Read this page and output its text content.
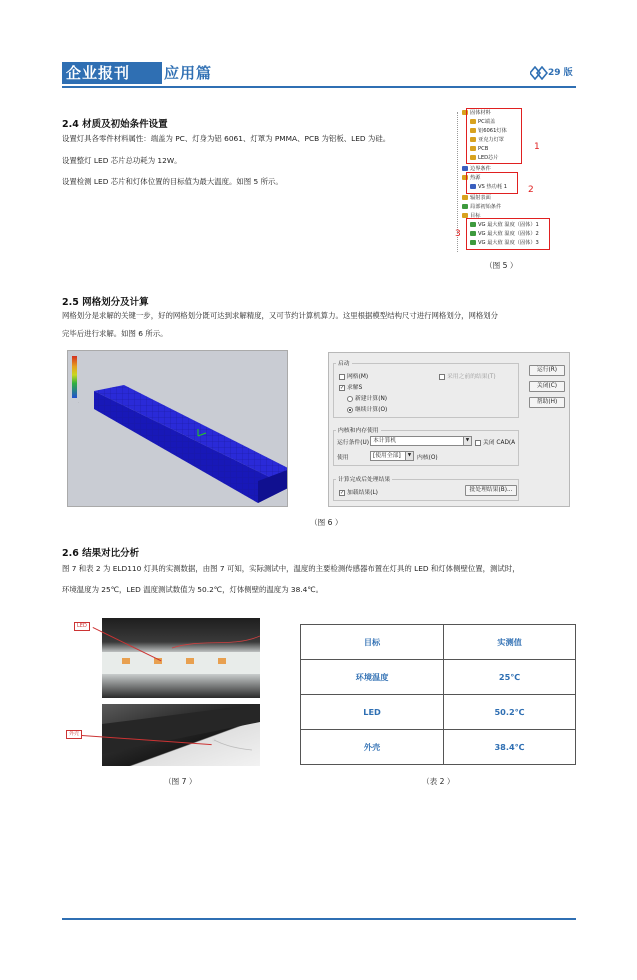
企业报刊 应用篇	29 版
2.4 材质及初始条件设置
设置灯具各零件材料属性：端盖为 PC、灯身为铝 6061、灯罩为 PMMA、PCB 为铝板、LED 为硅。
设置整灯 LED 芯片总功耗为 12W。
设置检测 LED 芯片和灯体位置的目标值为最大温度。如图 5 所示。
固体材料
PC端盖
铝6061灯体
亚克力灯罩
PCB
LED芯片
边界条件
热源
VS 热功耗 1
辐射表面
局部初始条件
目标
VG 最大值 温度（固体）1
VG 最大值 温度（固体）2
VG 最大值 温度（固体）3
1
2
3
（图 5 ）
2.5 网格划分及计算
网格划分是求解的关键一步，好的网格划分既可达到求解精度，又可节约计算机算力。这里根据模型结构尺寸进行网格划分，网格划分
完毕后进行求解。如图 6 所示。
·
启动
网格(M)	采用之前的结果(T)
✓ 求解S
新建计算(N)
继续计算(O)
内核和内存使用
运行条件(U) 本计算机	▼	关闭 CAD(A
使用	[使用全部]	▼ 内核(O)
计算完成后处理结果
✓ 加载结果(L)	批处理结果(B)...
运行(R)
关闭(C)
帮助(H)
（图 6 ）
2.6 结果对比分析
图 7 和表 2 为 ELD110 灯具的实测数据，由图 7 可知，实际测试中，温度的主要检测传感器布置在灯具的 LED 和灯体侧壁位置，测试时，
环境温度为 25℃，LED 温度测试数值为 50.2℃，灯体侧壁的温度为 38.4℃。
LED
外壳
（图 7 ）
目标	实测值
环境温度	25℃
LED	50.2℃
外壳	38.4℃
（表 2 ）
